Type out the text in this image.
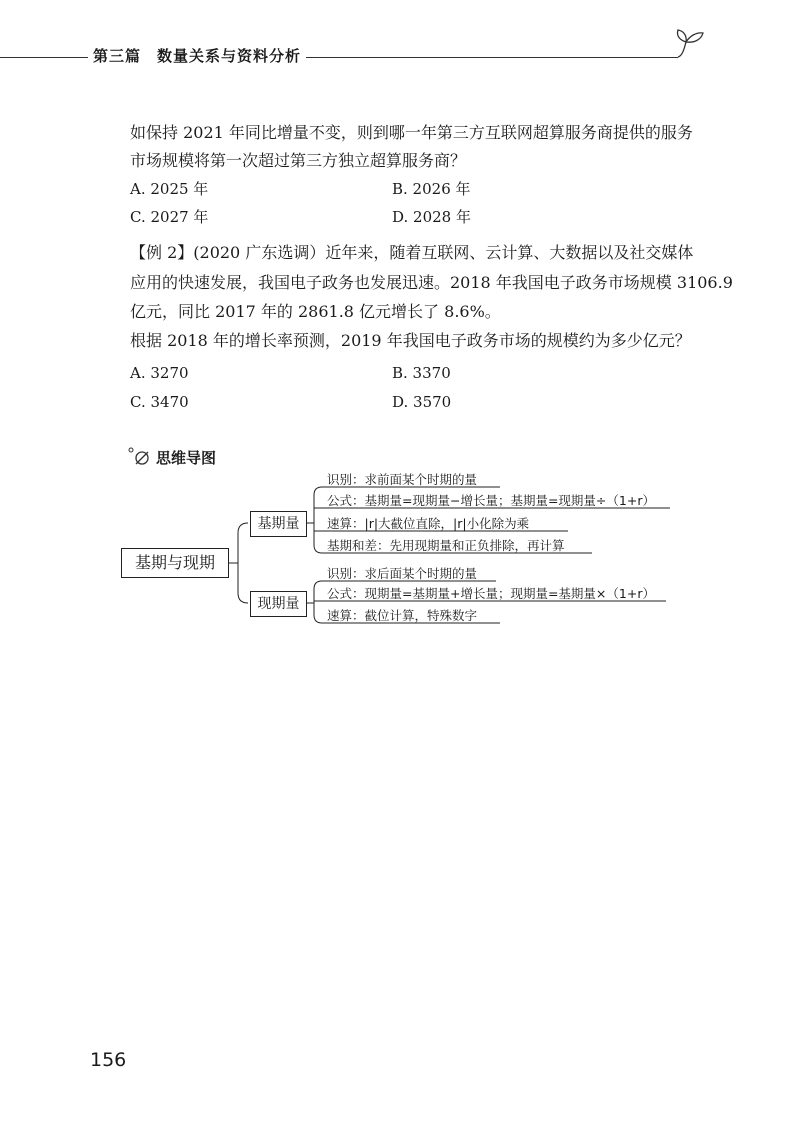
第三篇　数量关系与资料分析
如保持 2021 年同比增量不变，则到哪一年第三方互联网超算服务商提供的服务
市场规模将第一次超过第三方独立超算服务商？
A. 2025 年	B. 2026 年
C. 2027 年	D. 2028 年
【例 2】(2020 广东选调）近年来，随着互联网、云计算、大数据以及社交媒体
应用的快速发展，我国电子政务也发展迅速。2018 年我国电子政务市场规模 3106.9
亿元，同比 2017 年的 2861.8 亿元增长了 8.6%。
根据 2018 年的增长率预测，2019 年我国电子政务市场的规模约为多少亿元？
A. 3270	B. 3370
C. 3470	D. 3570
思维导图
基期与现期
基期量
现期量
识别：求前面某个时期的量
公式：基期量=现期量−增长量；基期量=现期量÷（1+r）
速算：|r|大截位直除，|r|小化除为乘
基期和差：先用现期量和正负排除，再计算
识别：求后面某个时期的量
公式：现期量=基期量+增长量；现期量=基期量×（1+r）
速算：截位计算，特殊数字
156
